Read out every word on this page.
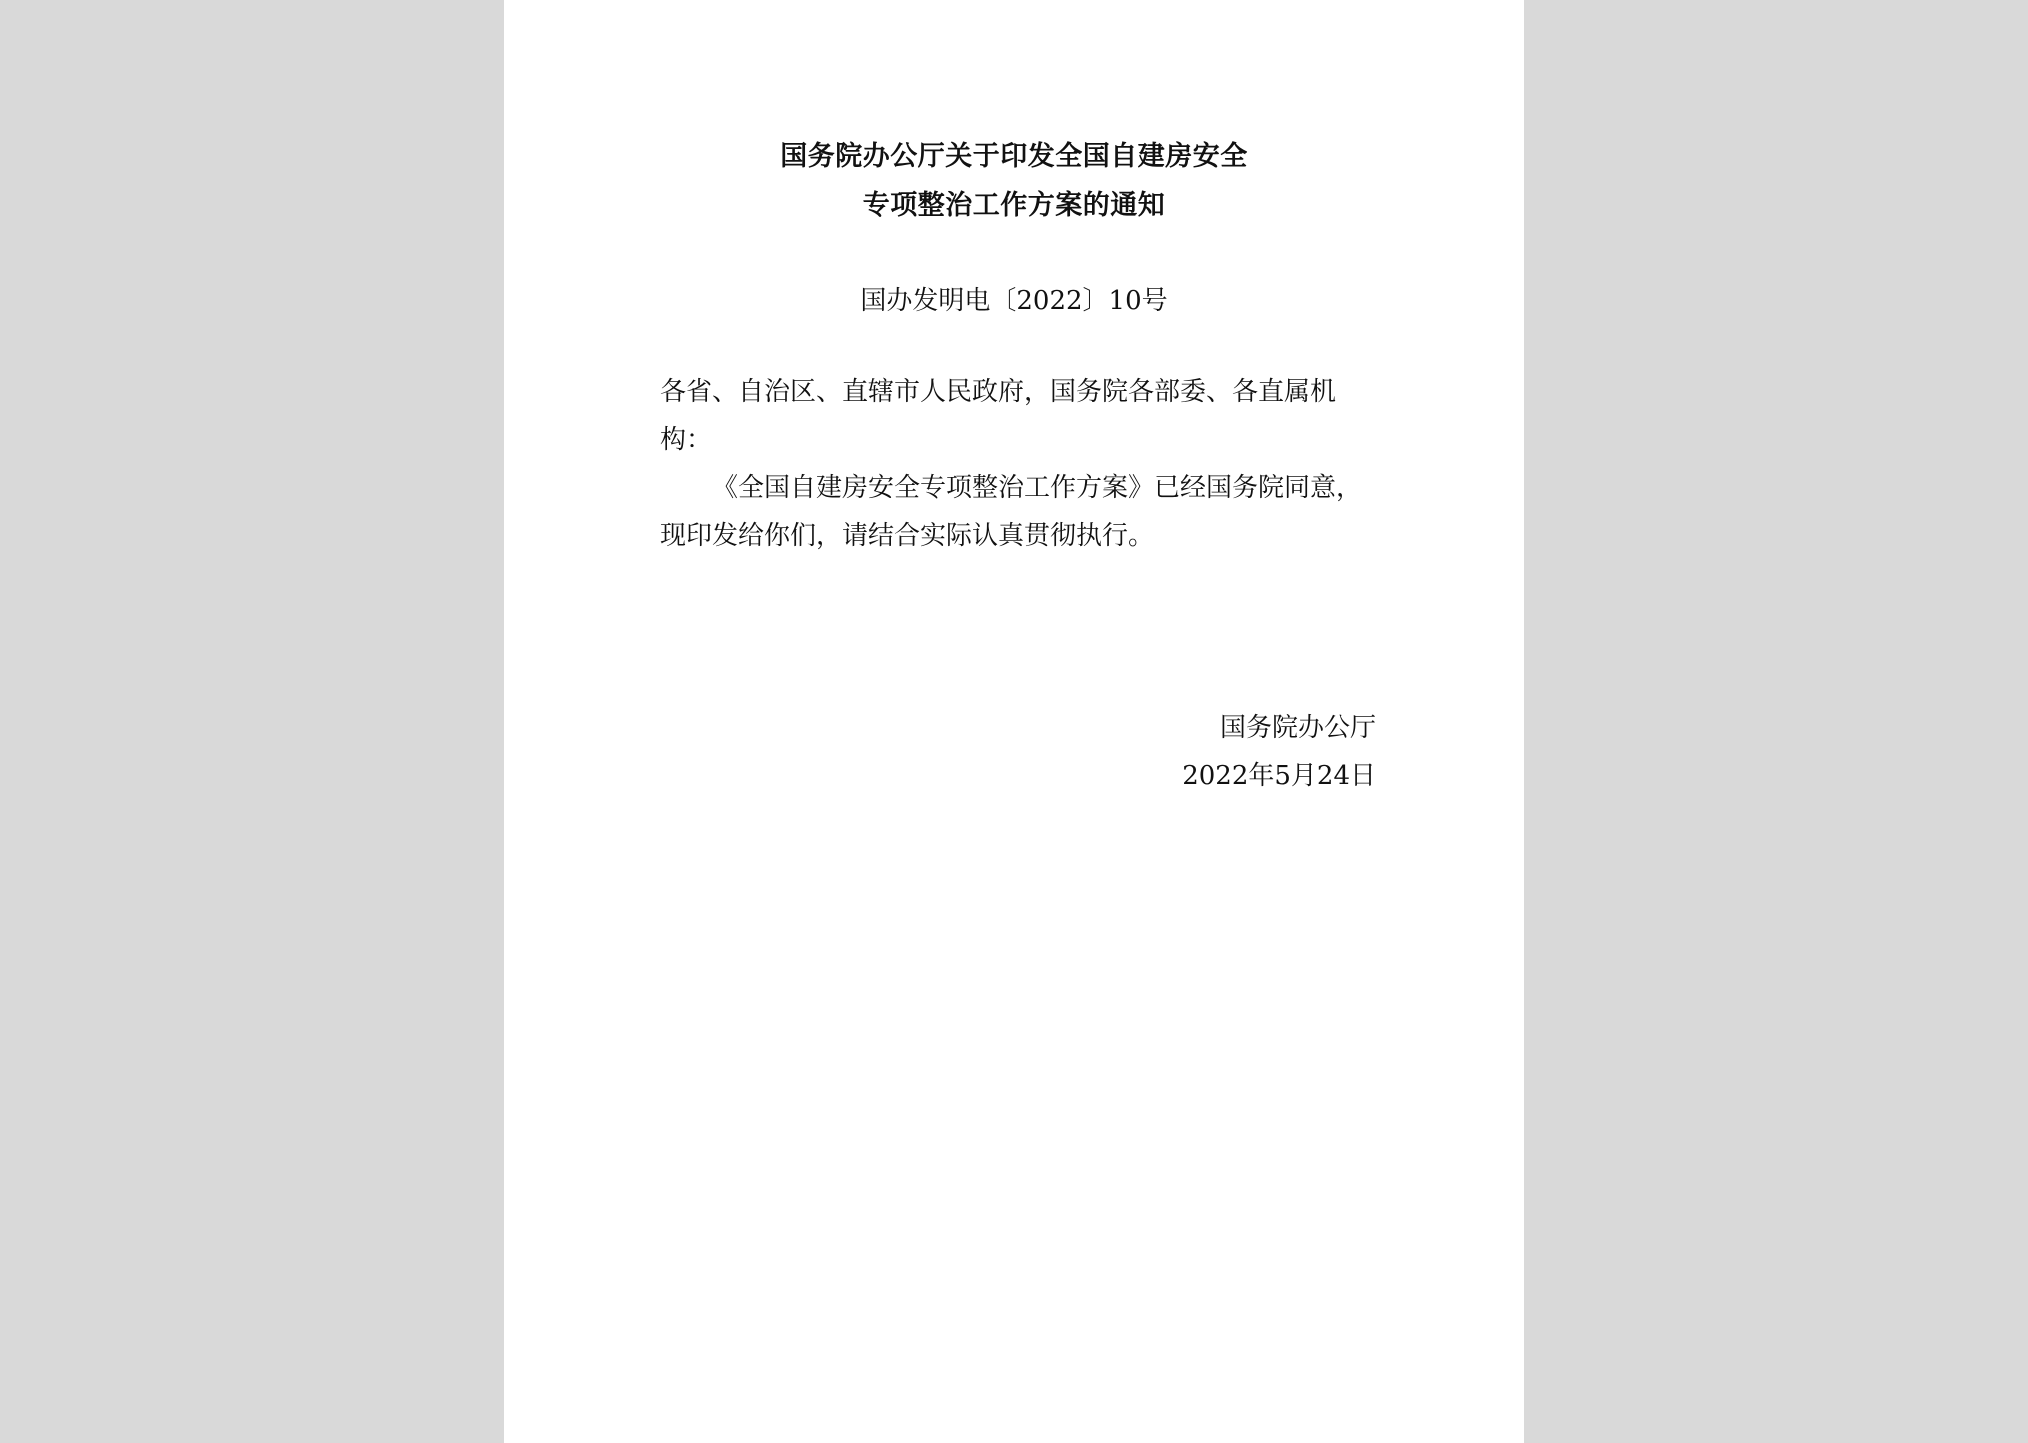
国务院办公厅关于印发全国自建房安全
专项整治工作方案的通知
国办发明电〔2022〕10号
各省、自治区、直辖市人民政府，国务院各部委、各直属机构：
《全国自建房安全专项整治工作方案》已经国务院同意，现印发给你们，请结合实际认真贯彻执行。
国务院办公厅
2022年5月24日
